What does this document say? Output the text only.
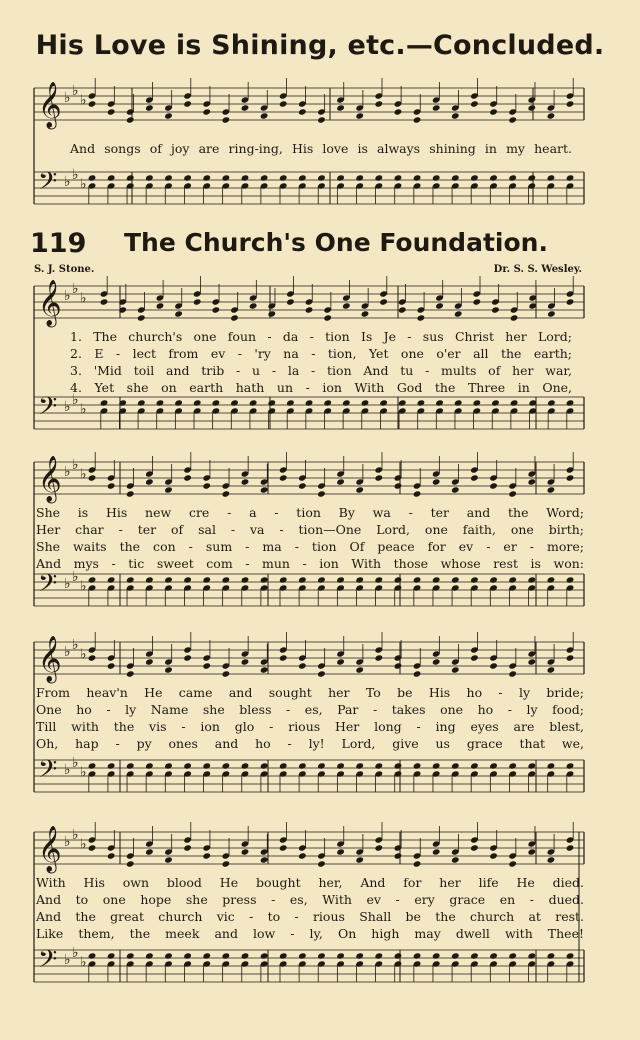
His Love is Shining, etc.—Concluded.
𝄞 ♭ ♭
♭
𝄢 ♭ ♭
♭
𝄞 ♭ ♭
♭
𝄢 ♭ ♭
♭
𝄞 ♭ ♭
♭
𝄢 ♭ ♭
♭
𝄞 ♭ ♭
♭
𝄢 ♭ ♭
♭
𝄞 ♭ ♭
♭
𝄢 ♭ ♭
♭
And songs of joy are ring-ing, His love is always shining in my heart.
119 The Church's One Foundation.
S. J. Stone.	Dr. S. S. Wesley.
1. The church's one foun - da - tion Is Je - sus Christ her Lord;
2. E - lect from ev - 'ry na - tion, Yet one o'er all the earth;
3. 'Mid toil and trib - u - la - tion And tu - mults of her war,
4. Yet she on earth hath un - ion With God the Three in One,
She is His new cre - a - tion By wa - ter and the Word;
Her char - ter of sal - va - tion—One Lord, one faith, one birth;
She waits the con - sum - ma - tion Of peace for ev - er - more;
And mys - tic sweet com - mun - ion With those whose rest is won:
From heav'n He came and sought her To be His ho - ly bride;
One ho - ly Name she bless - es, Par - takes one ho - ly food;
Till with the vis - ion glo - rious Her long - ing eyes are blest,
Oh, hap - py ones and ho - ly! Lord, give us grace that we,
With His own blood He bought her, And for her life He died.
And to one hope she press - es, With ev - ery grace en - dued.
And the great church vic - to - rious Shall be the church at rest.
Like them, the meek and low - ly, On high may dwell with Thee!
